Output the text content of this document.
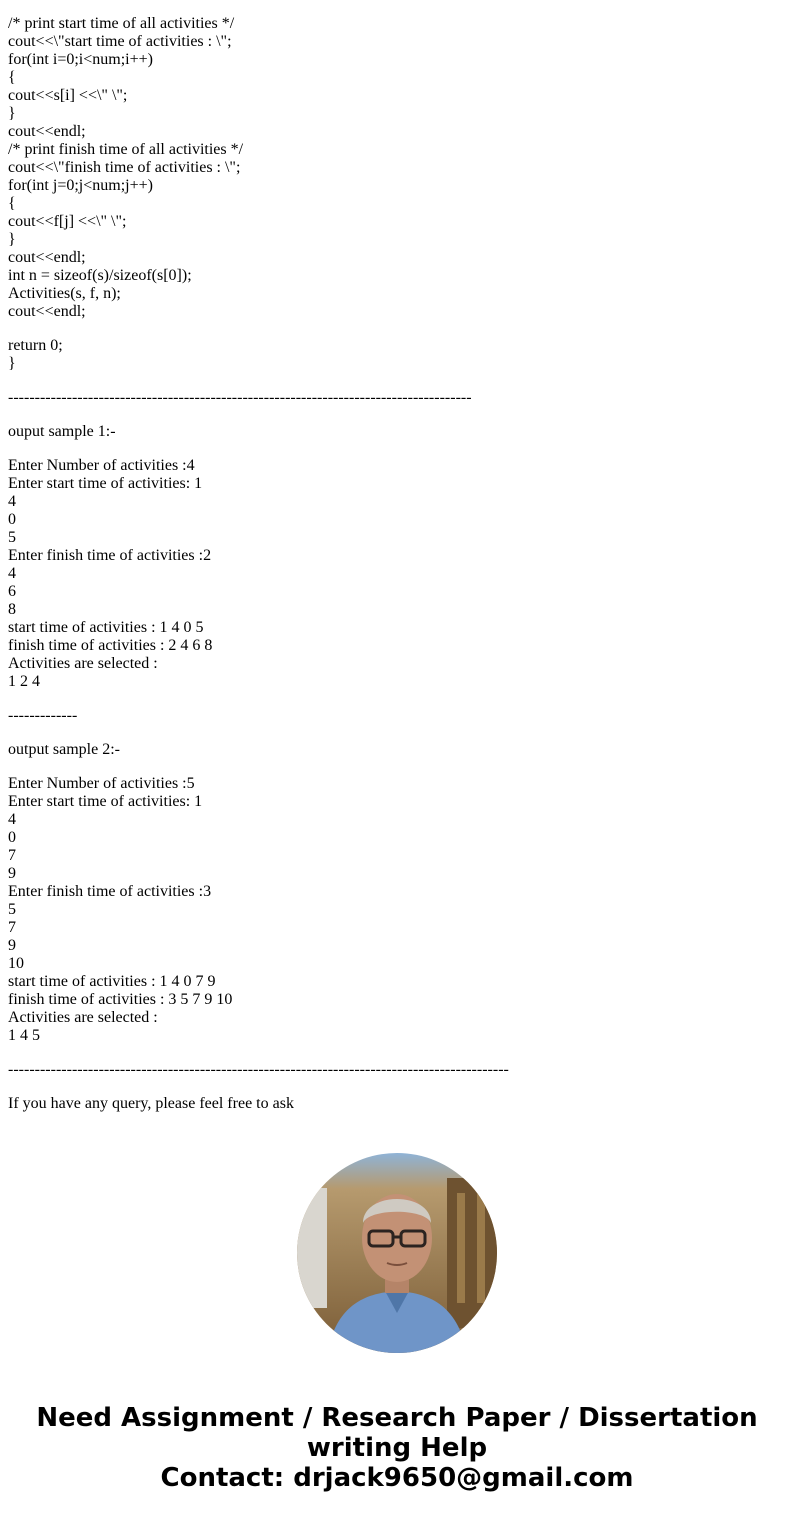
/* print start time of all activities */
cout<<\"start time of activities : \";
for(int i=0;i<num;i++)
{
cout<<s[i] <<\" \";
}
cout<<endl;
/* print finish time of all activities */
cout<<\"finish time of activities : \";
for(int j=0;j<num;j++)
{
cout<<f[j] <<\" \";
}
cout<<endl;
int n = sizeof(s)/sizeof(s[0]);
Activities(s, f, n);
cout<<endl;
return 0;
}
---------------------------------------------------------------------------------------
ouput sample 1:-
Enter Number of activities :4
Enter start time of activities: 1
4
0
5
Enter finish time of activities :2
4
6
8
start time of activities : 1 4 0 5
finish time of activities : 2 4 6 8
Activities are selected :
1 2 4
-------------
output sample 2:-
Enter Number of activities :5
Enter start time of activities: 1
4
0
7
9
Enter finish time of activities :3
5
7
9
10
start time of activities : 1 4 0 7 9
finish time of activities : 3 5 7 9 10
Activities are selected :
1 4 5
----------------------------------------------------------------------------------------------
If you have any query, please feel free to ask
Need Assignment / Research Paper / Dissertation
writing Help
Contact: drjack9650@gmail.com
